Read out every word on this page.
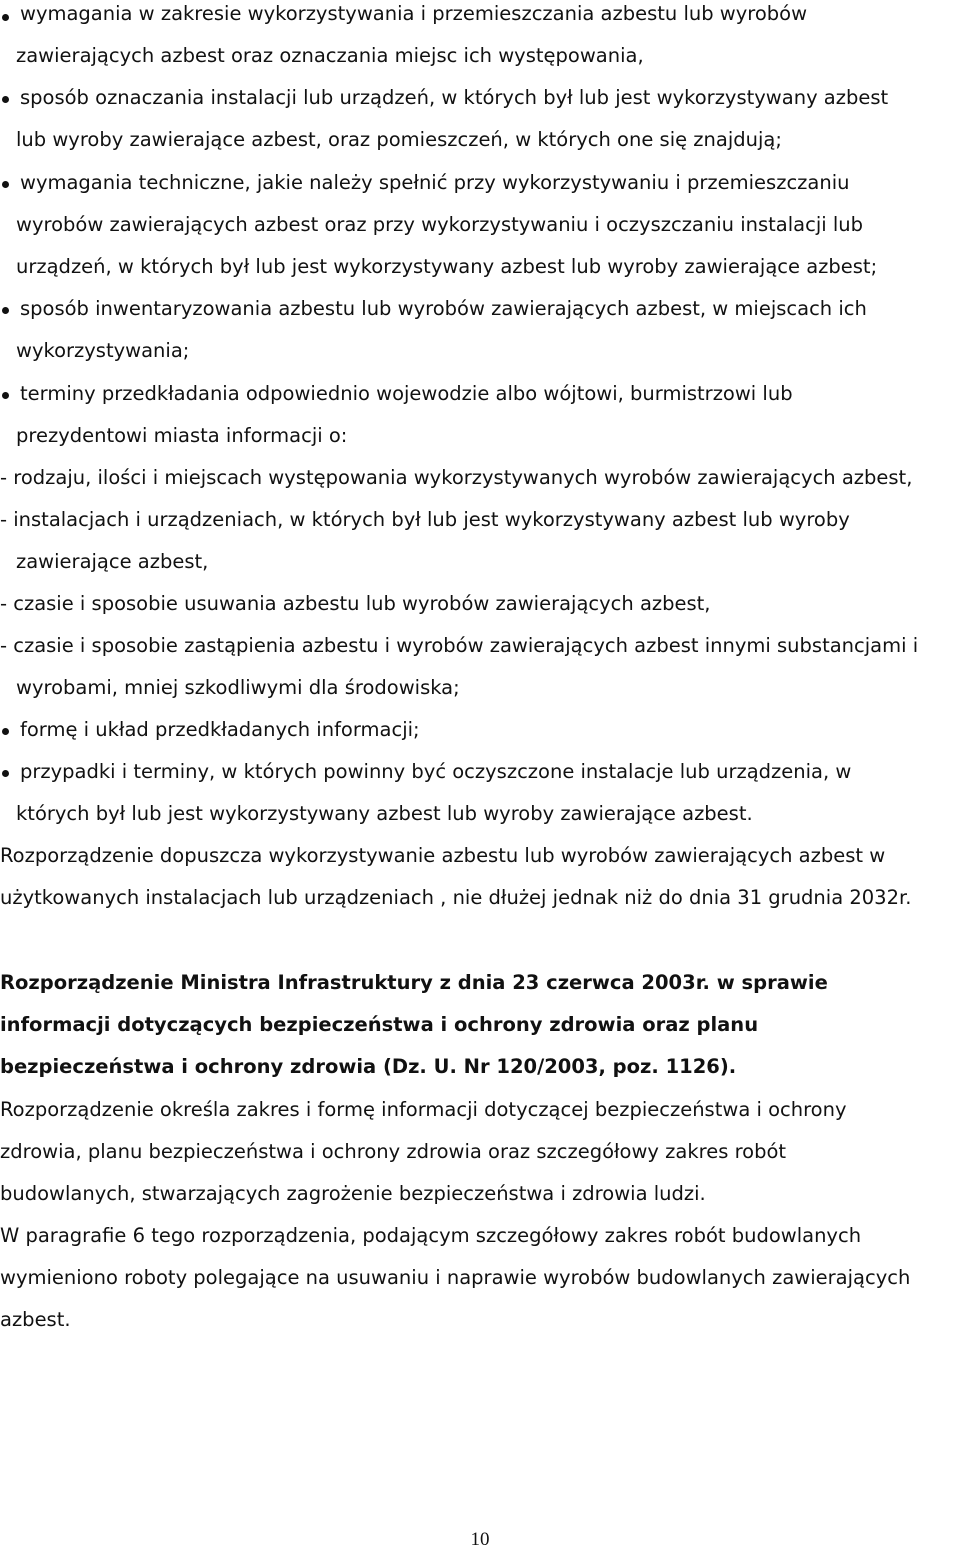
wymagania w zakresie wykorzystywania i przemieszczania azbestu lub wyrobów
zawierających azbest oraz oznaczania miejsc ich występowania,
sposób oznaczania instalacji lub urządzeń, w których był lub jest wykorzystywany azbest
lub wyroby zawierające azbest, oraz pomieszczeń, w których one się znajdują;
wymagania techniczne, jakie należy spełnić przy wykorzystywaniu i przemieszczaniu
wyrobów zawierających azbest oraz przy wykorzystywaniu i oczyszczaniu instalacji lub
urządzeń, w których był lub jest wykorzystywany azbest lub wyroby zawierające azbest;
sposób inwentaryzowania azbestu lub wyrobów zawierających azbest, w miejscach ich
wykorzystywania;
terminy przedkładania odpowiednio wojewodzie albo wójtowi, burmistrzowi lub
prezydentowi miasta informacji o:
- rodzaju, ilości i miejscach występowania wykorzystywanych wyrobów zawierających azbest,
- instalacjach i urządzeniach, w których był lub jest wykorzystywany azbest lub wyroby
zawierające azbest,
- czasie i sposobie usuwania azbestu lub wyrobów zawierających azbest,
- czasie i sposobie zastąpienia azbestu i wyrobów zawierających azbest innymi substancjami i
wyrobami, mniej szkodliwymi dla środowiska;
formę i układ przedkładanych informacji;
przypadki i terminy, w których powinny być oczyszczone instalacje lub urządzenia, w
których był lub jest wykorzystywany azbest lub wyroby zawierające azbest.
Rozporządzenie dopuszcza wykorzystywanie azbestu lub wyrobów zawierających azbest w
użytkowanych instalacjach lub urządzeniach , nie dłużej jednak niż do dnia 31 grudnia 2032r.
Rozporządzenie Ministra Infrastruktury z dnia 23 czerwca 2003r. w sprawie
informacji dotyczących bezpieczeństwa i ochrony zdrowia oraz planu
bezpieczeństwa i ochrony zdrowia (Dz. U. Nr 120/2003, poz. 1126).
Rozporządzenie określa zakres i formę informacji dotyczącej bezpieczeństwa i ochrony
zdrowia, planu bezpieczeństwa i ochrony zdrowia oraz szczegółowy zakres robót
budowlanych, stwarzających zagrożenie bezpieczeństwa i zdrowia ludzi.
W paragrafie 6 tego rozporządzenia, podającym szczegółowy zakres robót budowlanych
wymieniono roboty polegające na usuwaniu i naprawie wyrobów budowlanych zawierających
azbest.
10
